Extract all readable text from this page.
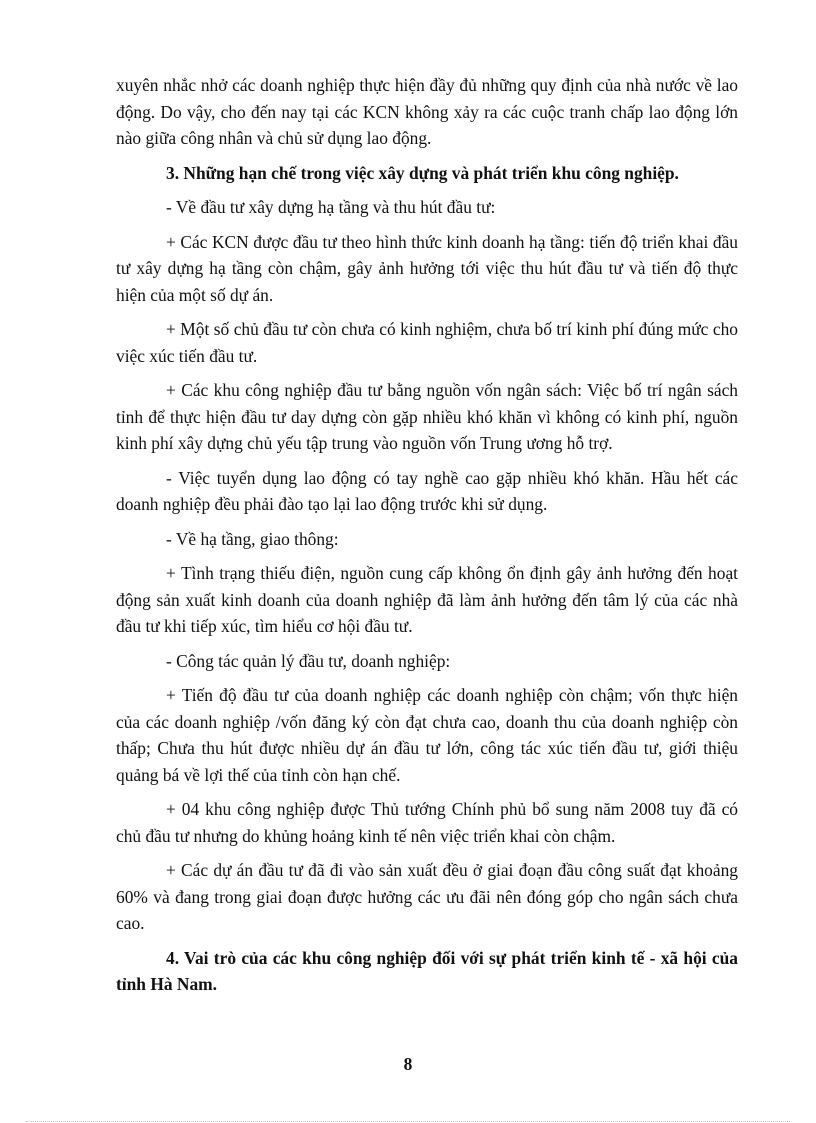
xuyên nhắc nhở các doanh nghiệp thực hiện đầy đủ những quy định của nhà nước về lao động. Do vậy, cho đến nay tại các KCN không xảy ra các cuộc tranh chấp lao động lớn nào giữa công nhân và chủ sử dụng lao động.

3. Những hạn chế trong việc xây dựng và phát triển khu công nghiệp.

- Về đầu tư xây dựng hạ tầng và thu hút đầu tư:

+ Các KCN được đầu tư theo hình thức kinh doanh hạ tầng: tiến độ triển khai đầu tư xây dựng hạ tầng còn chậm, gây ảnh hưởng tới việc thu hút đầu tư và tiến độ thực hiện của một số dự án.

+ Một số chủ đầu tư còn chưa có kinh nghiệm, chưa bố trí kinh phí đúng mức cho việc xúc tiến đầu tư.

+ Các khu công nghiệp đầu tư bằng nguồn vốn ngân sách: Việc bố trí ngân sách tỉnh để thực hiện đầu tư day dựng còn gặp nhiều khó khăn vì không có kinh phí, nguồn kinh phí xây dựng chủ yếu tập trung vào nguồn vốn Trung ương hỗ trợ.

- Việc tuyển dụng lao động có tay nghề cao gặp nhiều khó khăn. Hầu hết các doanh nghiệp đều phải đào tạo lại lao động trước khi sử dụng.

- Về hạ tầng, giao thông:

+ Tình trạng thiếu điện, nguồn cung cấp không ổn định gây ảnh hưởng đến hoạt động sản xuất kinh doanh của doanh nghiệp đã làm ảnh hưởng đến tâm lý của các nhà đầu tư khi tiếp xúc, tìm hiểu cơ hội đầu tư.

- Công tác quản lý đầu tư, doanh nghiệp:

+ Tiến độ đầu tư của doanh nghiệp các doanh nghiệp còn chậm; vốn thực hiện của các doanh nghiệp /vốn đăng ký còn đạt chưa cao, doanh thu của doanh nghiệp còn thấp; Chưa thu hút được nhiều dự án đầu tư lớn, công tác xúc tiến đầu tư, giới thiệu quảng bá về lợi thế của tỉnh còn hạn chế.

+ 04 khu công nghiệp được Thủ tướng Chính phủ bổ sung năm 2008 tuy đã có chủ đầu tư nhưng do khủng hoảng kinh tế nên việc triển khai còn chậm.

+ Các dự án đầu tư đã đi vào sản xuất đều ở giai đoạn đầu công suất đạt khoảng 60% và đang trong giai đoạn được hưởng các ưu đãi nên đóng góp cho ngân sách chưa cao.

4. Vai trò của các khu công nghiệp đối với sự phát triển kinh tế - xã hội của tỉnh Hà Nam.

8
